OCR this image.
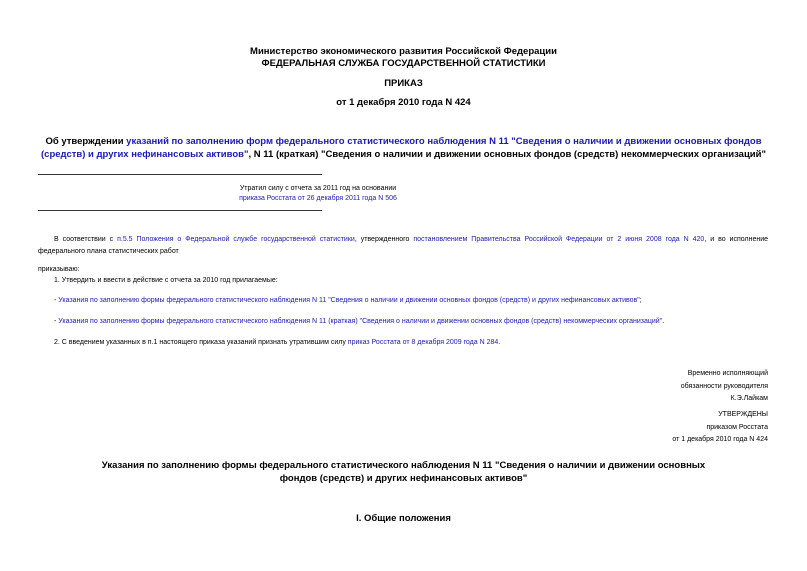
Министерство экономического развития Российской Федерации
ФЕДЕРАЛЬНАЯ СЛУЖБА ГОСУДАРСТВЕННОЙ СТАТИСТИКИ
ПРИКАЗ
от 1 декабря 2010 года N 424
Об утверждении указаний по заполнению форм федерального статистического наблюдения N 11 "Сведения о наличии и движении основных фондов (средств) и других нефинансовых активов", N 11 (краткая) "Сведения о наличии и движении основных фондов (средств) некоммерческих организаций"
Утратил силу с отчета за 2011 год на основании
приказа Росстата от 26 декабря 2011 года N 506
В соответствии с п.5.5 Положения о Федеральной службе государственной статистики, утвержденного постановлением Правительства Российской Федерации от 2 июня 2008 года N 420, и во исполнение федерального плана статистических работ
приказываю:
1. Утвердить и ввести в действие с отчета за 2010 год прилагаемые:
- Указания по заполнению формы федерального статистического наблюдения N 11 "Сведения о наличии и движении основных фондов (средств) и других нефинансовых активов";
- Указания по заполнению формы федерального статистического наблюдения N 11 (краткая) "Сведения о наличии и движении основных фондов (средств) некоммерческих организаций".
2. С введением указанных в п.1 настоящего приказа указаний признать утратившим силу приказ Росстата от 8 декабря 2009 года N 284.
Временно исполняющий
обязанности руководителя
К.Э.Лайкам
УТВЕРЖДЕНЫ
приказом Росстата
от 1 декабря 2010 года N 424
Указания по заполнению формы федерального статистического наблюдения N 11 "Сведения о наличии и движении основных фондов (средств) и других нефинансовых активов"
I. Общие положения
